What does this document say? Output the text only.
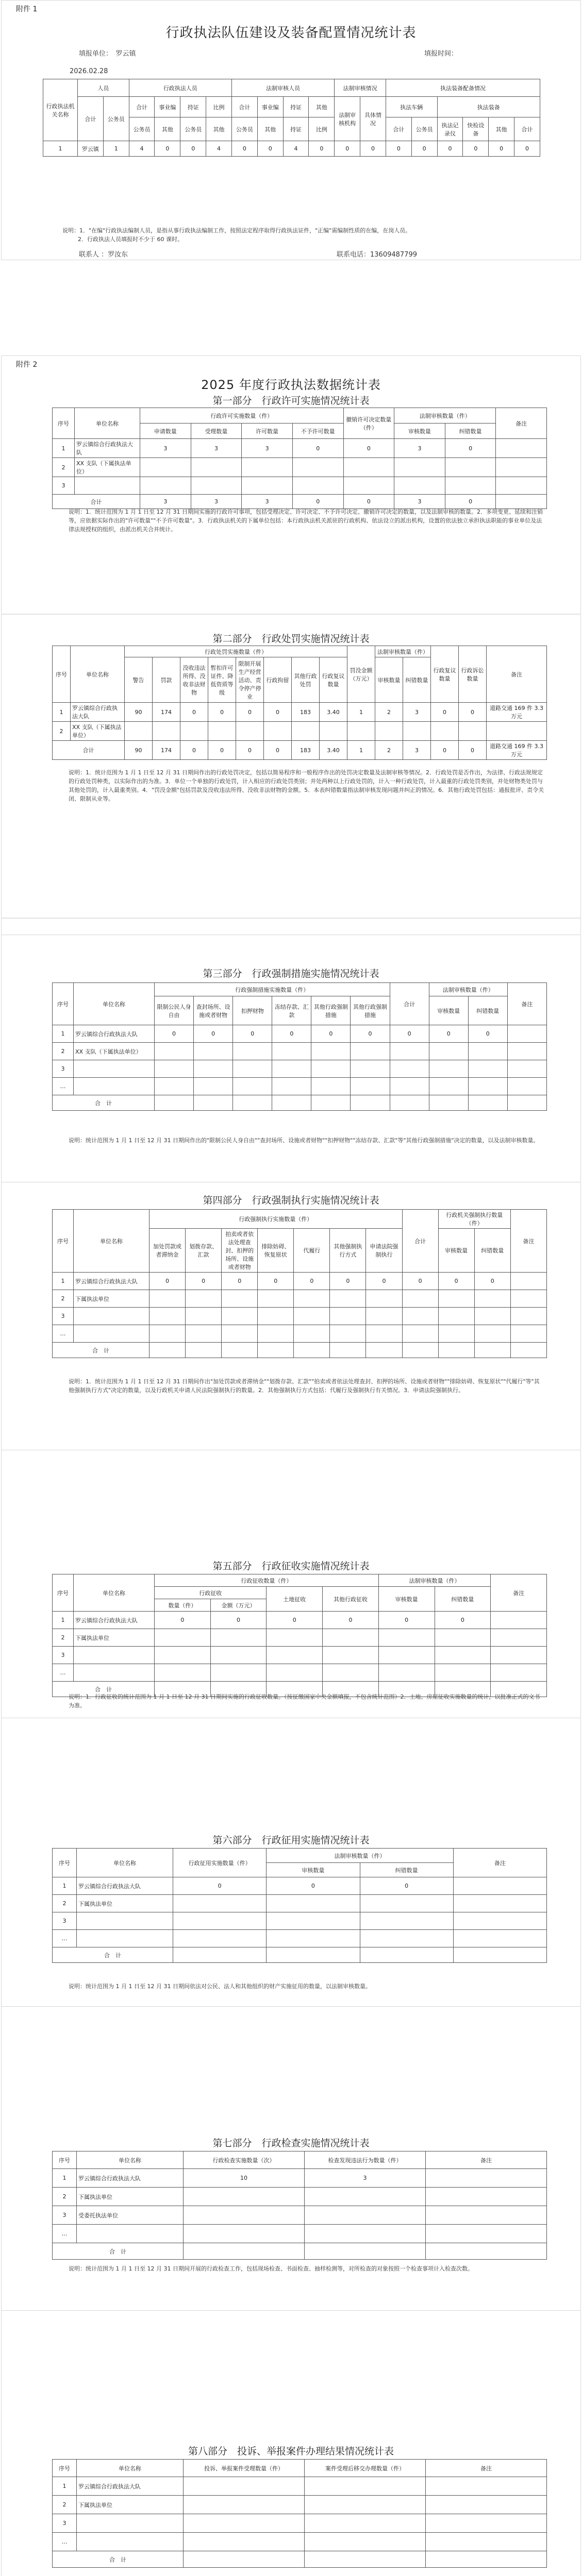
附件 1
行政执法队伍建设及装备配置情况统计表
填报单位：　 罗云镇	填报时间：
2026.02.28
行政执法机关名称	人员		行政执法人员				法制审核人员				法制审核情况		执法装备配备情况					
	合计	公务员	合计	事业编	持证	比例	合计	事业编	持证	其他	法制审核机构	具体情况	执法车辆		执法装备			
			公务员	其他	公务员	其他	公务员	其他	持证	比例			合计	公务员	执法记录仪	快检设备	其他	合计
1	罗云镇	1	4	0	0	4	0	0	4	0	0	0	0	0	0	0	0	0
说明：1．"在编"行政执法编制人员，是指从事行政执法编制工作，按照法定程序取得行政执法证件，"正编"需编制性质的在编，在岗人员。
2．行政执法人员填报时不少于 60 课时。
联系人 ：罗汝东	联系电话：13609487799
附件 2
2025 年度行政执法数据统计表
第一部分　行政许可实施情况统计表
序号	单位名称	行政许可实施数量（件）				撤销许可决定数量（件）	法制审核数量（件）		备注
		申请数量	受理数量	许可数量	不予许可数量		审核数量	纠错数量	
1	罗云镇综合行政执法大队	3	3	3	0	0	3	0	
2	XX 支队（下属执法单位）								
3									
合计		3	3	3	0	0	3	0	
说明：1．统计范围为 1 月 1 日至 12 月 31 日期间实施的行政许可事项，包括受理决定、许可决定、不予许可决定、撤销许可决定的数量，以及法制审核的数量。2．多项变更、延续和注销等，应依据实际作出的"许可数量""不予许可数量"。3．行政执法机关的下属单位包括：本行政执法机关派驻的行政机构、依法设立的派出机构，设置的依法独立承担执法职能的事业单位及法律法规授权的组织，由派出机关合并统计。
第二部分　行政处罚实施情况统计表
序号	单位名称	行政处罚实施数量（件）								罚没金额（万元）	法制审核数量（件）		行政复议数量	行政诉讼数量	备注
		警告	罚款	没收违法所得、没收非法财物	暂扣许可证件、降低资质等级	限制开展生产经营活动、责令停产停业	行政拘留	其他行政处罚	行政复议数量		审核数量	纠错数量			
1	罗云镇综合行政执法大队	90	174	0	0	0	0	183	3.40	1	2	3	0	0	道路交通 169 件 3.3 万元
2	XX 支队（下属执法单位）														
合计		90	174	0	0	0	0	183	3.40	1	2	3	0	0	道路交通 169 件 3.3 万元
说明：1．统计范围为 1 月 1 日至 12 月 31 日期间作出的行政处罚决定，包括以简易程序和一般程序作出的处罚决定数量及法制审核等情况。2．行政处罚是否作出，为法律、行政法规规定的行政处罚种类，以实际作出的为准。3．单位一个单独的行政处罚，计入相应的行政处罚类别；并处两种以上行政处罚的，计入一种行政处罚，计入最重的行政处罚类别，并处财物类处罚与其他处罚的，计入最重类别。4．"罚没金额"包括罚款及没收违法所得、没收非法财物的金额。5．本表纠错数量指法制审核发现问题并纠正的情况。6．其他行政处罚包括：通报批评、责令关闭、限制从业等。
第三部分　行政强制措施实施情况统计表
序号	单位名称	行政强制措施实施数量（件）						合计	法制审核数量（件）		备注
		限制公民人身自由	查封场所、设施或者财物	扣押财物	冻结存款、汇款	其他行政强制措施	其他行政强制措施		审核数量	纠错数量	
1	罗云镇综合行政执法大队	0	0	0	0	0	0	0	0	0	
2	XX 支队（下属执法单位）										
3											
…											
合　计											
说明：统计范围为 1 月 1 日至 12 月 31 日期间作出的"限制公民人身自由""查封场所、设施或者财物""扣押财物""冻结存款、汇款"等"其他行政强制措施"决定的数量，以及法制审核数量。
第四部分　行政强制执行实施情况统计表
序号	单位名称	行政强制执行实施数量（件）							合计	行政机关强制执行数量（件）		备注
		加处罚款或者滞纳金	划拨存款、汇款	拍卖或者依法处理查封、扣押的场所、设施或者财物	排除妨碍、恢复原状	代履行	其他强制执行方式	申请法院强制执行		审核数量	纠错数量	
1	罗云镇综合行政执法大队	0	0	0	0	0	0	0	0	0	0	
2	下属执法单位											
3												
…												
合　计												
说明：1．统计范围为 1 月 1 日至 12 月 31 日期间作出"加处罚款或者滞纳金""划拨存款、汇款""拍卖或者依法处理查封、扣押的场所、设施或者财物""排除妨碍、恢复原状""代履行"等"其他强制执行方式"决定的数量，以及行政机关申请人民法院强制执行的数量。2．其他强制执行方式包括：代履行及强制执行有关情况。3．申请法院强制执行。
第五部分　行政征收实施情况统计表
序号	单位名称	行政征收数量（件）				法制审核数量（件）		备注
		行政征收		土地征收	其他行政征收	审核数量	纠错数量	
		数量（件）	金额（万元）					
1	罗云镇综合行政执法大队	0	0	0	0	0	0	
2	下属执法单位							
3								
…								
合　计								
说明：1．行政征收的统计范围为 1 月 1 日至 12 月 31 日期间实施的行政征收数量。（按征缴国家中央金额填报，不包含统计范围）2．土地、房屋征收实施数量的统计，以批准正式的文书为准。
第六部分　行政征用实施情况统计表
序号	单位名称	行政征用实施数量（件）	法制审核数量（件）		备注
			审核数量	纠错数量	
1	罗云镇综合行政执法大队	0	0	0	
2	下属执法单位				
3					
…					
合　计					
说明：统计范围为 1 月 1 日至 12 月 31 日期间依法对公民、法人和其他组织的财产实施征用的数量，以法制审核数量。
第七部分　行政检查实施情况统计表
序号	单位名称	行政检查实施数量（次）	检查发现违法行为数量（件）	备注
1	罗云镇综合行政执法大队	10	3	
2	下属执法单位			
3	受委托执法单位			
…				
合　计				
说明：统计范围为 1 月 1 日至 12 月 31 日期间开展的行政检查工作，包括现场检查、书面检查、抽样检测等，对所检查的对象按照一个检查事项计入检查次数。
第八部分　投诉、举报案件办理结果情况统计表
序号	单位名称	投诉、举报案件受理数量（件）	案件受理后移交办理数量（件）	备注
1	罗云镇综合行政执法大队			
2	下属执法单位			
3				
…				
合　计				
